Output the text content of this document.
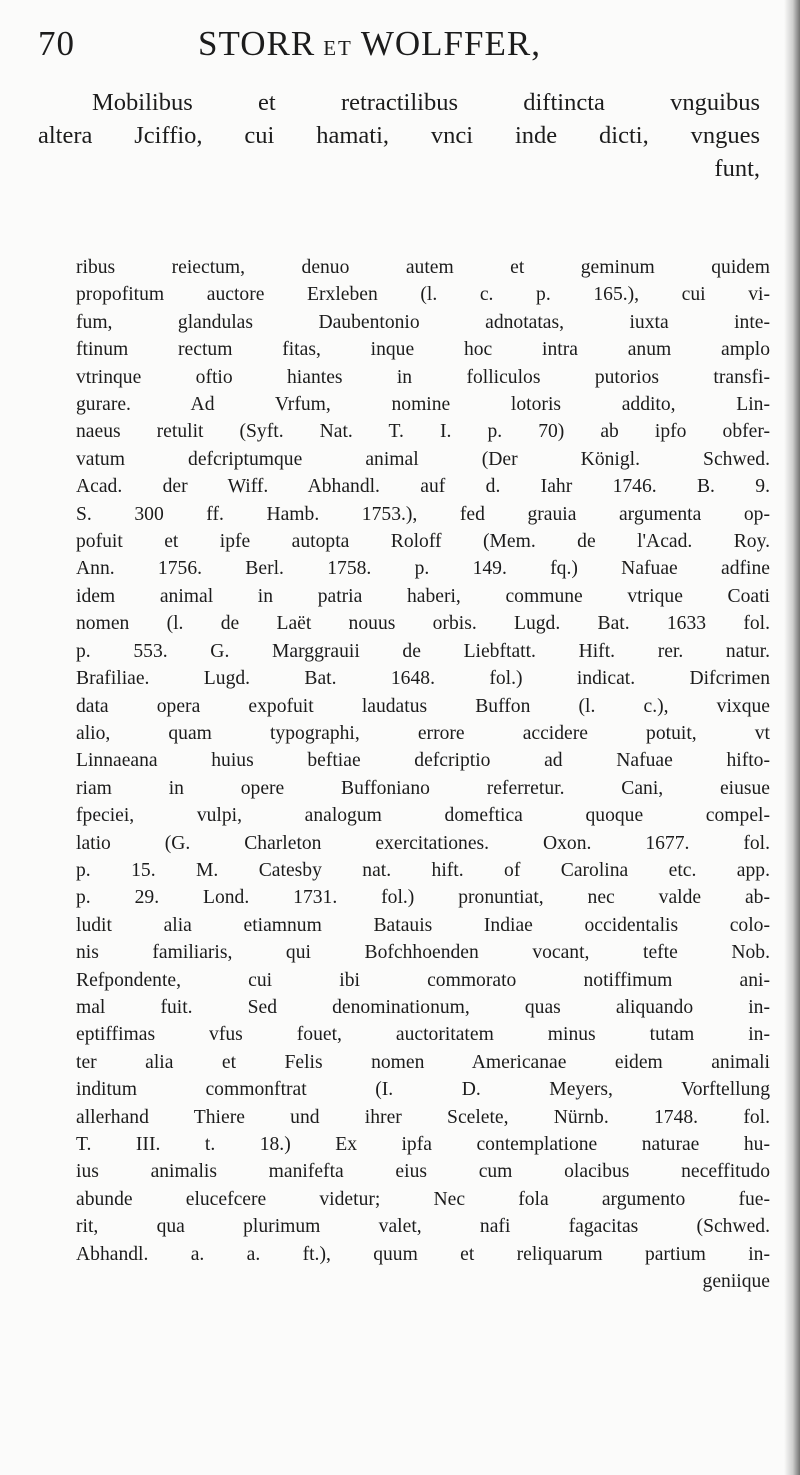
70	STORR ET WOLFFER,

Mobilibus et retractilibus diftincta vnguibus

altera Jciffio, cui hamati, vnci inde dicti, vngues

funt,

ribus reiectum, denuo autem et geminum quidem

propofitum auctore Erxleben (l. c. p. 165.), cui vi-

fum, glandulas Daubentonio adnotatas, iuxta inte-

ftinum rectum fitas, inque hoc intra anum amplo

vtrinque oftio hiantes in folliculos putorios transfi-

gurare. Ad Vrfum, nomine lotoris addito, Lin-

naeus retulit (Syft. Nat. T. I. p. 70) ab ipfo obfer-

vatum defcriptumque animal (Der Königl. Schwed.

Acad. der Wiff. Abhandl. auf d. Iahr 1746. B. 9.

S. 300 ff. Hamb. 1753.), fed grauia argumenta op-

pofuit et ipfe autopta Roloff (Mem. de l'Acad. Roy.

Ann. 1756. Berl. 1758. p. 149. fq.) Nafuae adfine

idem animal in patria haberi, commune vtrique Coati

nomen (l. de Laët nouus orbis. Lugd. Bat. 1633 fol.

p. 553. G. Marggrauii de Liebftatt. Hift. rer. natur.

Brafiliae. Lugd. Bat. 1648. fol.) indicat. Difcrimen

data opera expofuit laudatus Buffon (l. c.), vixque

alio, quam typographi, errore accidere potuit, vt

Linnaeana huius beftiae defcriptio ad Nafuae hifto-

riam in opere Buffoniano referretur. Cani, eiusue

fpeciei, vulpi, analogum domeftica quoque compel-

latio (G. Charleton exercitationes. Oxon. 1677. fol.

p. 15. M. Catesby nat. hift. of Carolina etc. app.

p. 29. Lond. 1731. fol.) pronuntiat, nec valde ab-

ludit alia etiamnum Batauis Indiae occidentalis colo-

nis familiaris, qui Bofchhoenden vocant, tefte Nob.

Refpondente, cui ibi commorato notiffimum ani-

mal fuit. Sed denominationum, quas aliquando in-

eptiffimas vfus fouet, auctoritatem minus tutam in-

ter alia et Felis nomen Americanae eidem animali

inditum commonftrat (I. D. Meyers, Vorftellung

allerhand Thiere und ihrer Scelete, Nürnb. 1748. fol.

T. III. t. 18.) Ex ipfa contemplatione naturae hu-

ius animalis manifefta eius cum olacibus neceffitudo

abunde elucefcere videtur; Nec fola argumento fue-

rit, qua plurimum valet, nafi fagacitas (Schwed.

Abhandl. a. a. ft.), quum et reliquarum partium in-

geniique
